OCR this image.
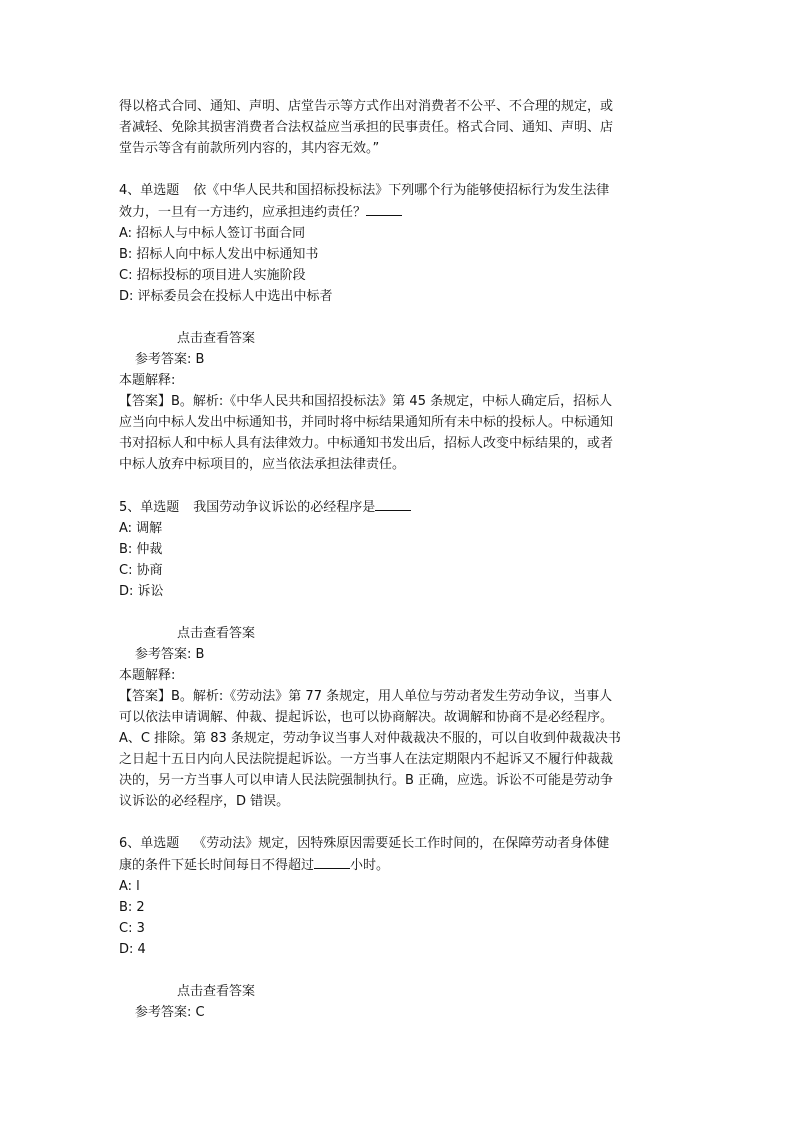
得以格式合同、通知、声明、店堂告示等方式作出对消费者不公平、不合理的规定，或

者减轻、免除其损害消费者合法权益应当承担的民事责任。格式合同、通知、声明、店

堂告示等含有前款所列内容的，其内容无效。”

4、单选题 依《中华人民共和国招标投标法》下列哪个行为能够使招标行为发生法律

效力，一旦有一方违约，应承担违约责任？

A: 招标人与中标人签订书面合同

B: 招标人向中标人发出中标通知书

C: 招标投标的项目进人实施阶段

D: 评标委员会在投标人中选出中标者

点击查看答案

参考答案: B

本题解释:

【答案】B。解析:《中华人民共和国招投标法》第 45 条规定，中标人确定后，招标人

应当向中标人发出中标通知书，并同时将中标结果通知所有未中标的投标人。中标通知

书对招标人和中标人具有法律效力。中标通知书发出后，招标人改变中标结果的，或者

中标人放弃中标项目的，应当依法承担法律责任。

5、单选题 我国劳动争议诉讼的必经程序是

A: 调解

B: 仲裁

C: 协商

D: 诉讼

点击查看答案

参考答案: B

本题解释:

【答案】B。解析:《劳动法》第 77 条规定，用人单位与劳动者发生劳动争议，当事人

可以依法申请调解、仲裁、提起诉讼，也可以协商解决。故调解和协商不是必经程序。

A、C 排除。第 83 条规定，劳动争议当事人对仲裁裁决不服的，可以自收到仲裁裁决书

之日起十五日内向人民法院提起诉讼。一方当事人在法定期限内不起诉又不履行仲裁裁

决的，另一方当事人可以申请人民法院强制执行。B 正确，应选。诉讼不可能是劳动争

议诉讼的必经程序，D 错误。

6、单选题 《劳动法》规定，因特殊原因需要延长工作时间的，在保障劳动者身体健

康的条件下延长时间每日不得超过	小时。

A: l

B: 2

C: 3

D: 4

点击查看答案

参考答案: C
